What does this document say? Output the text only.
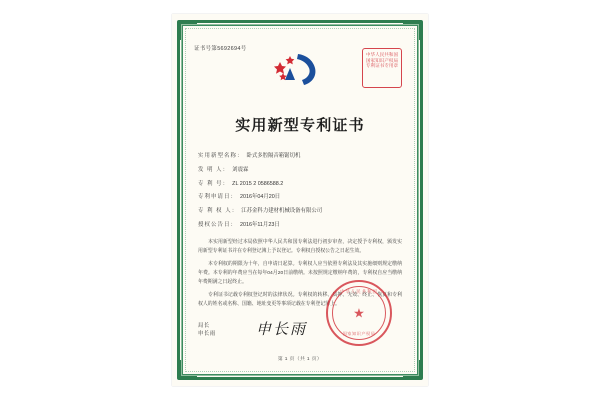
证书号第5692694号
中华人民共和国
国家知识产权局
专利证书专用章
实用新型专利证书
实用新型名称： 卧式多腔隔音箱锯切机
发 明 人： 刘震霖
专 利 号： ZL 2015 2 0586588.2
专利申请日： 2016年04月20日
专 利 权 人： 江苏金科力建材机械设备有限公司
授权公告日： 2016年11月23日

本实用新型经过本局依照中华人民共和国专利法进行初步审查，决定授予专利权，颁发实用新型专利证书并在专利登记簿上予以登记。专利权自授权公告之日起生效。

本专利权的期限为十年，自申请日起算。专利权人应当依照专利法及其实施细则规定缴纳年费。本专利的年费应当在每年04月20日前缴纳。未按照规定缴纳年费的，专利权自应当缴纳年费期满之日起终止。

专利证书记载专利权登记时的法律状况。专利权的转移、质押、无效、终止、恢复和专利权人的姓名或名称、国籍、地址变更等事项记载在专利登记簿上。

局长
申长雨	申长雨
中华人民共和国
★
国家知识产权局
第 1 页（共 1 页）
